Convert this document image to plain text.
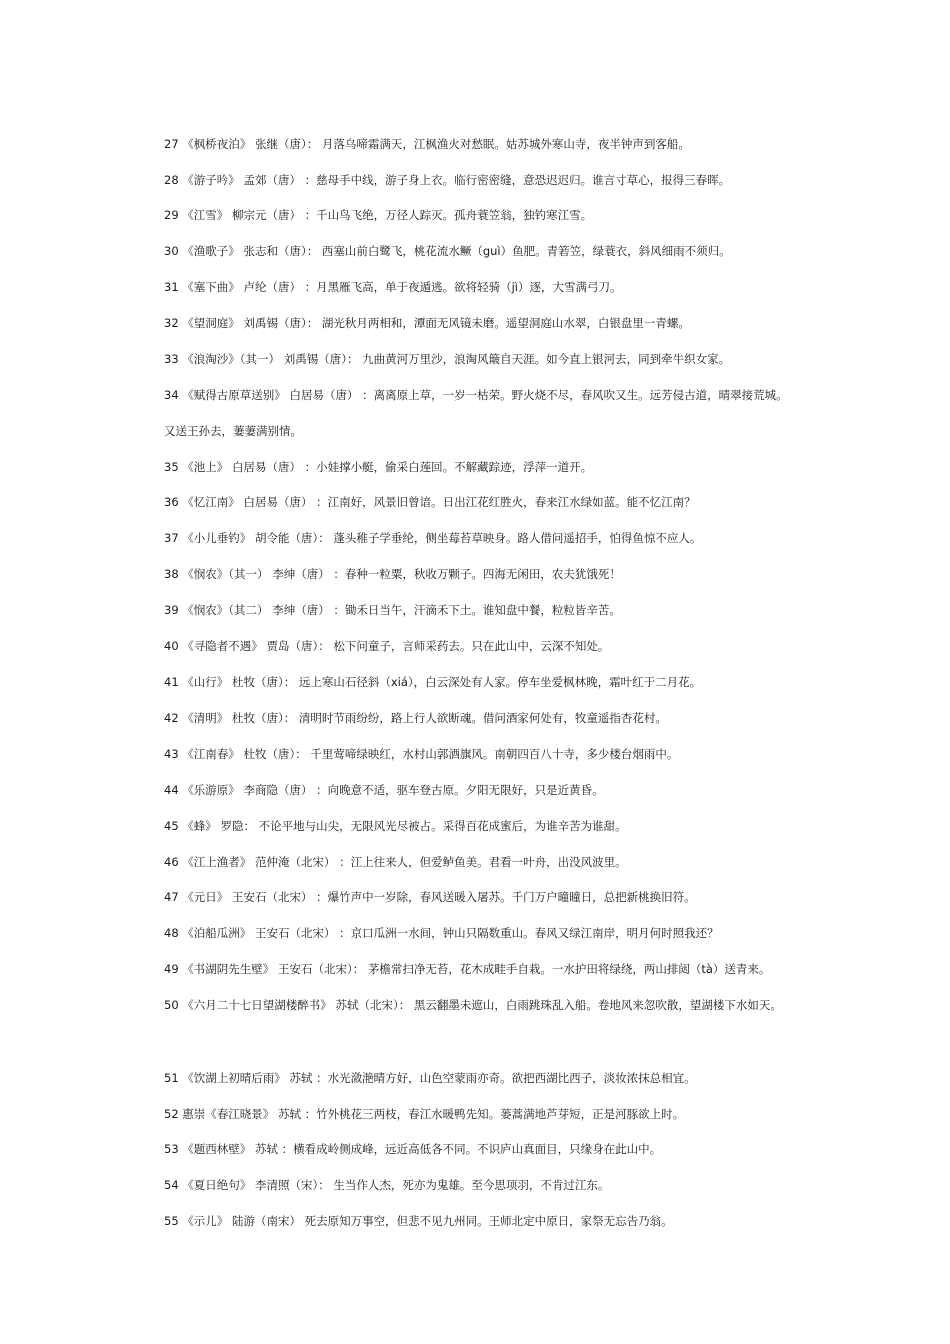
27 《枫桥夜泊》 张继（唐）： 月落乌啼霜满天，江枫渔火对愁眠。姑苏城外寒山寺，夜半钟声到客船。
28 《游子吟》 孟郊（唐） ：慈母手中线，游子身上衣。临行密密缝，意恐迟迟归。谁言寸草心，报得三春晖。
29 《江雪》 柳宗元（唐） ：千山鸟飞绝，万径人踪灭。孤舟蓑笠翁，独钓寒江雪。
30 《渔歌子》 张志和（唐）： 西塞山前白鹭飞，桃花流水鳜（guì）鱼肥。青箬笠，绿蓑衣，斜风细雨不须归。
31 《塞下曲》 卢纶（唐） ：月黑雁飞高，单于夜遁逃。欲将轻骑（jì）逐，大雪满弓刀。
32 《望洞庭》 刘禹锡（唐）： 湖光秋月两相和，潭面无风镜未磨。遥望洞庭山水翠，白银盘里一青螺。
33 《浪淘沙》（其一） 刘禹锡（唐）： 九曲黄河万里沙，浪淘风簸自天涯。如今直上银河去，同到牵牛织女家。
34 《赋得古原草送别》 白居易（唐） ：离离原上草，一岁一枯荣。野火烧不尽，春风吹又生。远芳侵古道，晴翠接荒城。
又送王孙去，萋萋满别情。
35 《池上》 白居易（唐） ：小娃撑小艇，偷采白莲回。不解藏踪迹，浮萍一道开。
36 《忆江南》 白居易（唐） ：江南好，风景旧曾谙。日出江花红胜火，春来江水绿如蓝。能不忆江南？
37 《小儿垂钓》 胡令能（唐）： 蓬头稚子学垂纶，侧坐莓苔草映身。路人借问遥招手，怕得鱼惊不应人。
38 《悯农》（其一） 李绅（唐） ：春种一粒粟，秋收万颗子。四海无闲田，农夫犹饿死！
39 《悯农》（其二） 李绅（唐） ：锄禾日当午，汗滴禾下土。谁知盘中餐，粒粒皆辛苦。
40 《寻隐者不遇》 贾岛（唐）： 松下问童子，言师采药去。只在此山中，云深不知处。
41 《山行》 杜牧（唐）： 远上寒山石径斜（xiá），白云深处有人家。停车坐爱枫林晚，霜叶红于二月花。
42 《清明》 杜牧（唐）： 清明时节雨纷纷，路上行人欲断魂。借问酒家何处有，牧童遥指杏花村。
43 《江南春》 杜牧（唐）： 千里莺啼绿映红，水村山郭酒旗风。南朝四百八十寺，多少楼台烟雨中。
44 《乐游原》 李商隐（唐） ：向晚意不适，驱车登古原。夕阳无限好，只是近黄昏。
45 《蜂》 罗隐： 不论平地与山尖，无限风光尽被占。采得百花成蜜后，为谁辛苦为谁甜。
46 《江上渔者》 范仲淹（北宋） ：江上往来人，但爱鲈鱼美。君看一叶舟，出没风波里。
47 《元日》 王安石（北宋） ：爆竹声中一岁除，春风送暖入屠苏。千门万户曈曈日，总把新桃换旧符。
48 《泊船瓜洲》 王安石（北宋） ：京口瓜洲一水间，钟山只隔数重山。春风又绿江南岸，明月何时照我还？
49 《书湖阴先生壁》 王安石（北宋）： 茅檐常扫净无苔，花木成畦手自栽。一水护田将绿绕，两山排闼（tà）送青来。
50 《六月二十七日望湖楼醉书》 苏轼（北宋）： 黑云翻墨未遮山，白雨跳珠乱入船。卷地风来忽吹散，望湖楼下水如天。
51 《饮湖上初晴后雨》 苏轼 ：水光潋滟晴方好，山色空蒙雨亦奇。欲把西湖比西子，淡妆浓抹总相宜。
52 惠崇《春江晓景》 苏轼 ：竹外桃花三两枝，春江水暖鸭先知。蒌蒿满地芦芽短，正是河豚欲上时。
53 《题西林壁》 苏轼 ：横看成岭侧成峰，远近高低各不同。不识庐山真面目，只缘身在此山中。
54 《夏日绝句》 李清照（宋）： 生当作人杰，死亦为鬼雄。至今思项羽，不肯过江东。
55 《示儿》 陆游（南宋） 死去原知万事空，但悲不见九州同。王师北定中原日，家祭无忘告乃翁。
